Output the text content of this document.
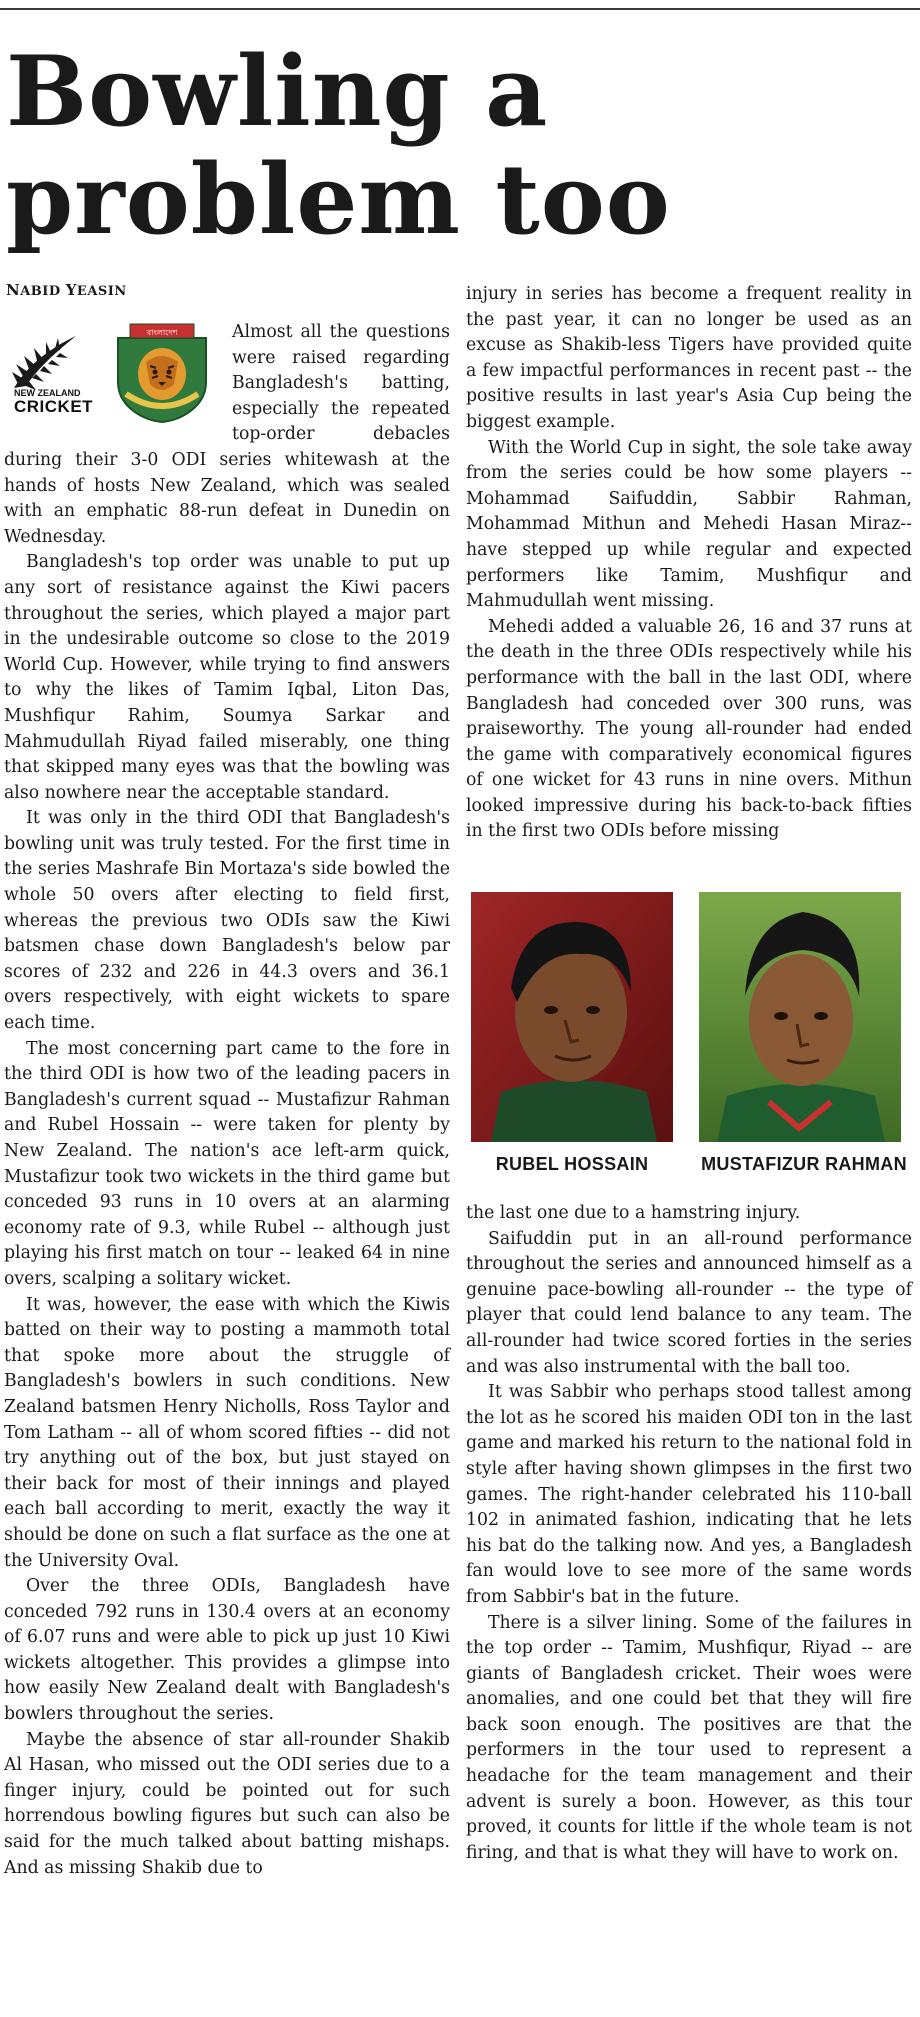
Bowling a
problem too
NABID YEASIN
NEW ZEALAND
CRICKET
বাংলাদেশ	Almost all the questions were raised regarding Bangladesh's batting, especially the repeated top-order debacles during their 3-0 ODI series whitewash at the hands of hosts New Zealand, which was sealed with an emphatic 88-run defeat in Dunedin on Wednesday.

Bangladesh's top order was unable to put up any sort of resistance against the Kiwi pacers throughout the series, which played a major part in the undesirable outcome so close to the 2019 World Cup. However, while trying to find answers to why the likes of Tamim Iqbal, Liton Das, Mushfiqur Rahim, Soumya Sarkar and Mahmudullah Riyad failed miserably, one thing that skipped many eyes was that the bowling was also nowhere near the acceptable standard.

It was only in the third ODI that Bangladesh's bowling unit was truly tested. For the first time in the series Mashrafe Bin Mortaza's side bowled the whole 50 overs after electing to field first, whereas the previous two ODIs saw the Kiwi batsmen chase down Bangladesh's below par scores of 232 and 226 in 44.3 overs and 36.1 overs respectively, with eight wickets to spare each time.

The most concerning part came to the fore in the third ODI is how two of the leading pacers in Bangladesh's current squad -- Mustafizur Rahman and Rubel Hossain -- were taken for plenty by New Zealand. The nation's ace left-arm quick, Mustafizur took two wickets in the third game but conceded 93 runs in 10 overs at an alarming economy rate of 9.3, while Rubel -- although just playing his first match on tour -- leaked 64 in nine overs, scalping a solitary wicket.

It was, however, the ease with which the Kiwis batted on their way to posting a mammoth total that spoke more about the struggle of Bangladesh's bowlers in such conditions. New Zealand batsmen Henry Nicholls, Ross Taylor and Tom Latham -- all of whom scored fifties -- did not try anything out of the box, but just stayed on their back for most of their innings and played each ball according to merit, exactly the way it should be done on such a flat surface as the one at the University Oval.

Over the three ODIs, Bangladesh have conceded 792 runs in 130.4 overs at an economy of 6.07 runs and were able to pick up just 10 Kiwi wickets altogether. This provides a glimpse into how easily New Zealand dealt with Bangladesh's bowlers throughout the series.

Maybe the absence of star all-rounder Shakib Al Hasan, who missed out the ODI series due to a finger injury, could be pointed out for such horrendous bowling figures but such can also be said for the much talked about batting mishaps. And as missing Shakib due to

injury in series has become a frequent reality in the past year, it can no longer be used as an excuse as Shakib-less Tigers have provided quite a few impactful performances in recent past -- the positive results in last year's Asia Cup being the biggest example.

With the World Cup in sight, the sole take away from the series could be how some players -- Mohammad Saifuddin, Sabbir Rahman, Mohammad Mithun and Mehedi Hasan Miraz-- have stepped up while regular and expected performers like Tamim, Mushfiqur and Mahmudullah went missing.

Mehedi added a valuable 26, 16 and 37 runs at the death in the three ODIs respectively while his performance with the ball in the last ODI, where Bangladesh had conceded over 300 runs, was praiseworthy. The young all-rounder had ended the game with comparatively economical figures of one wicket for 43 runs in nine overs. Mithun looked impressive during his back-to-back fifties in the first two ODIs before missing

RUBEL HOSSAIN	MUSTAFIZUR RAHMAN

the last one due to a hamstring injury.

Saifuddin put in an all-round performance throughout the series and announced himself as a genuine pace-bowling all-rounder -- the type of player that could lend balance to any team. The all-rounder had twice scored forties in the series and was also instrumental with the ball too.

It was Sabbir who perhaps stood tallest among the lot as he scored his maiden ODI ton in the last game and marked his return to the national fold in style after having shown glimpses in the first two games. The right-hander celebrated his 110-ball 102 in animated fashion, indicating that he lets his bat do the talking now. And yes, a Bangladesh fan would love to see more of the same words from Sabbir's bat in the future.

There is a silver lining. Some of the failures in the top order -- Tamim, Mushfiqur, Riyad -- are giants of Bangladesh cricket. Their woes were anomalies, and one could bet that they will fire back soon enough. The positives are that the performers in the tour used to represent a headache for the team management and their advent is surely a boon. However, as this tour proved, it counts for little if the whole team is not firing, and that is what they will have to work on.
